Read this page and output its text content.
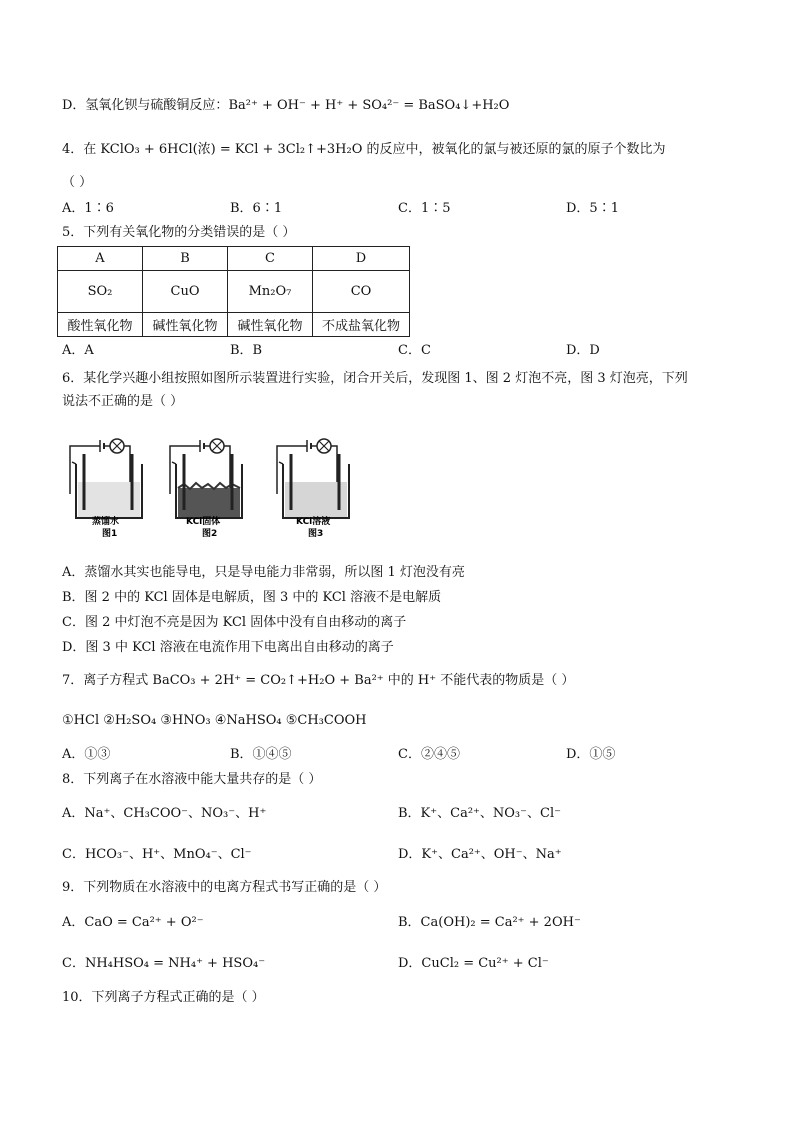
D．氢氧化钡与硫酸铜反应：Ba²⁺ + OH⁻ + H⁺ + SO₄²⁻ = BaSO₄↓+H₂O
4．在 KClO₃ + 6HCl(浓) = KCl + 3Cl₂↑+3H₂O 的反应中，被氧化的氯与被还原的氯的原子个数比为
（ ）
A．1∶6	B．6∶1	C．1∶5	D．5∶1
5．下列有关氧化物的分类错误的是（ ）
A	B	C	D
SO₂	CuO	Mn₂O₇	CO
酸性氧化物	碱性氧化物	碱性氧化物	不成盐氧化物
A．A	B．B	C．C	D．D
6．某化学兴趣小组按照如图所示装置进行实验，闭合开关后，发现图 1、图 2 灯泡不亮，图 3 灯泡亮，下列
说法不正确的是（ ）
蒸馏水
图1
KCl固体
图2
KCl溶液
图3
A．蒸馏水其实也能导电，只是导电能力非常弱，所以图 1 灯泡没有亮
B．图 2 中的 KCl 固体是电解质，图 3 中的 KCl 溶液不是电解质
C．图 2 中灯泡不亮是因为 KCl 固体中没有自由移动的离子
D．图 3 中 KCl 溶液在电流作用下电离出自由移动的离子
7．离子方程式 BaCO₃ + 2H⁺ = CO₂↑+H₂O + Ba²⁺ 中的 H⁺ 不能代表的物质是（ ）
①HCl ②H₂SO₄ ③HNO₃ ④NaHSO₄ ⑤CH₃COOH
A．①③	B．①④⑤	C．②④⑤	D．①⑤
8．下列离子在水溶液中能大量共存的是（ ）
A．Na⁺、CH₃COO⁻、NO₃⁻、H⁺	B．K⁺、Ca²⁺、NO₃⁻、Cl⁻
C．HCO₃⁻、H⁺、MnO₄⁻、Cl⁻	D．K⁺、Ca²⁺、OH⁻、Na⁺
9．下列物质在水溶液中的电离方程式书写正确的是（ ）
A．CaO = Ca²⁺ + O²⁻	B．Ca(OH)₂ = Ca²⁺ + 2OH⁻
C．NH₄HSO₄ = NH₄⁺ + HSO₄⁻	D．CuCl₂ = Cu²⁺ + Cl⁻
10．下列离子方程式正确的是（ ）
